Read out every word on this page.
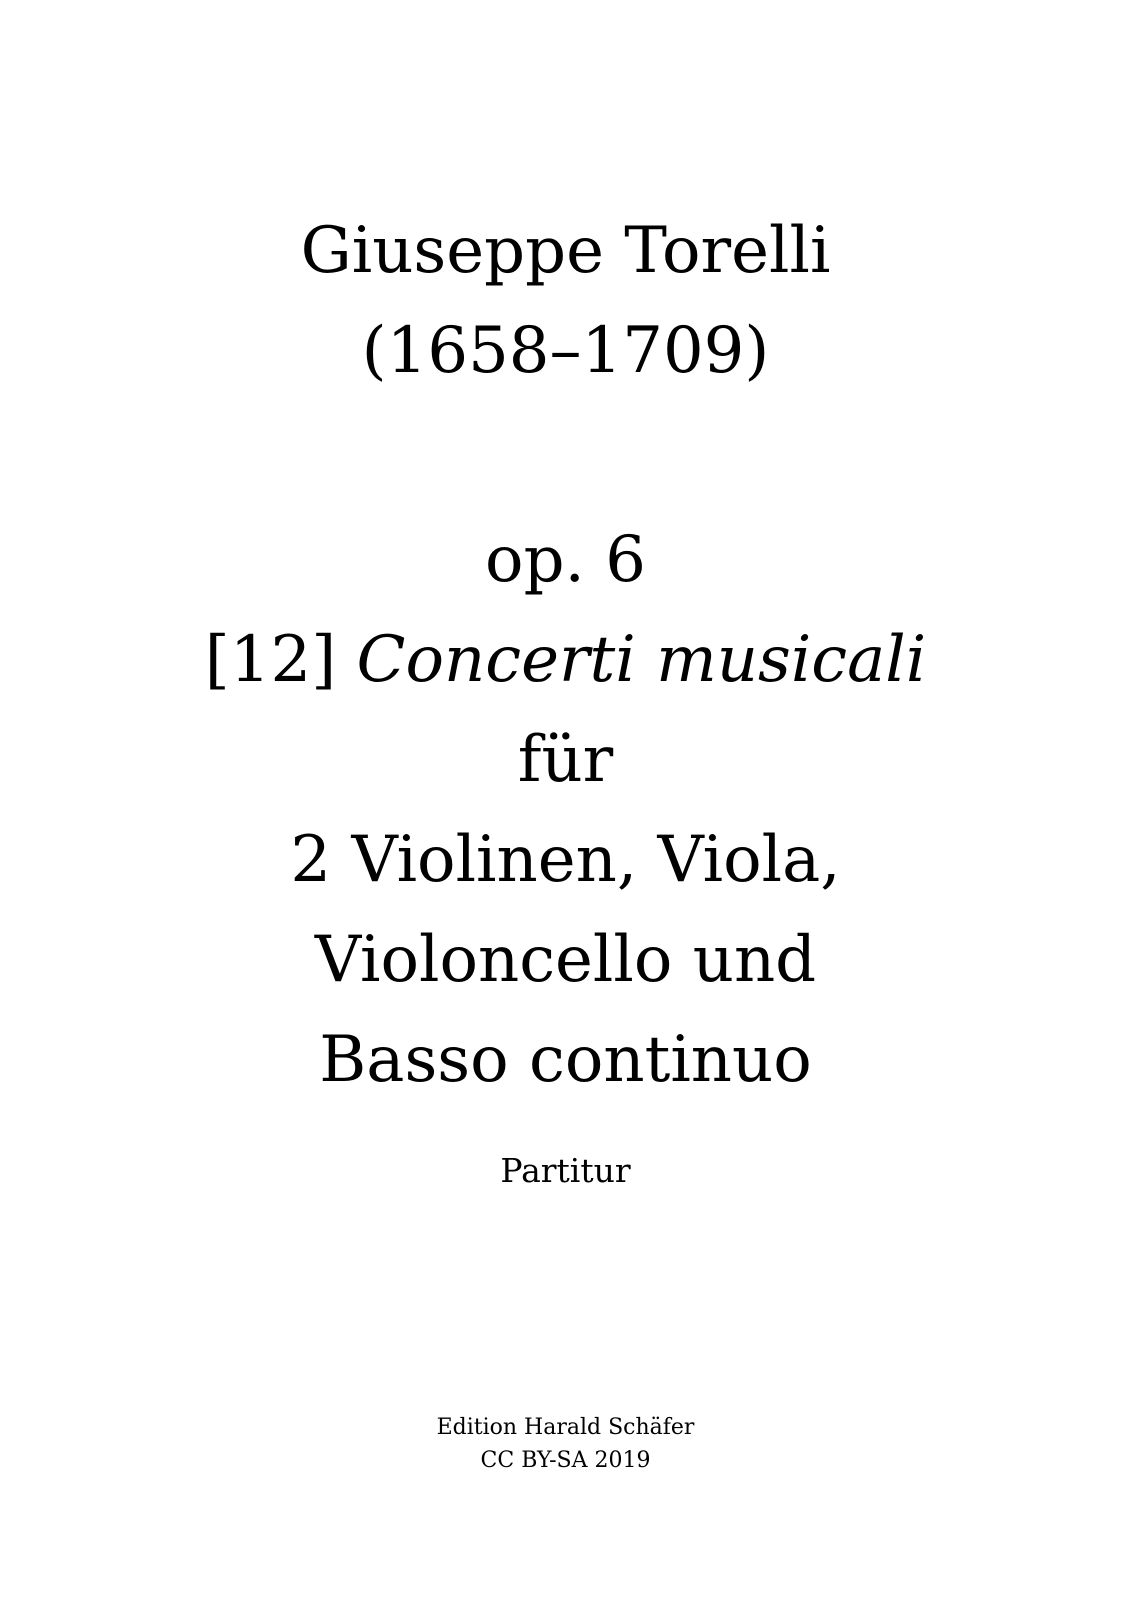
Giuseppe Torelli
(1658–1709)
op. 6
[12] Concerti musicali
für
2 Violinen, Viola,
Violoncello und
Basso continuo
Partitur
Edition Harald Schäfer
CC BY-SA 2019
